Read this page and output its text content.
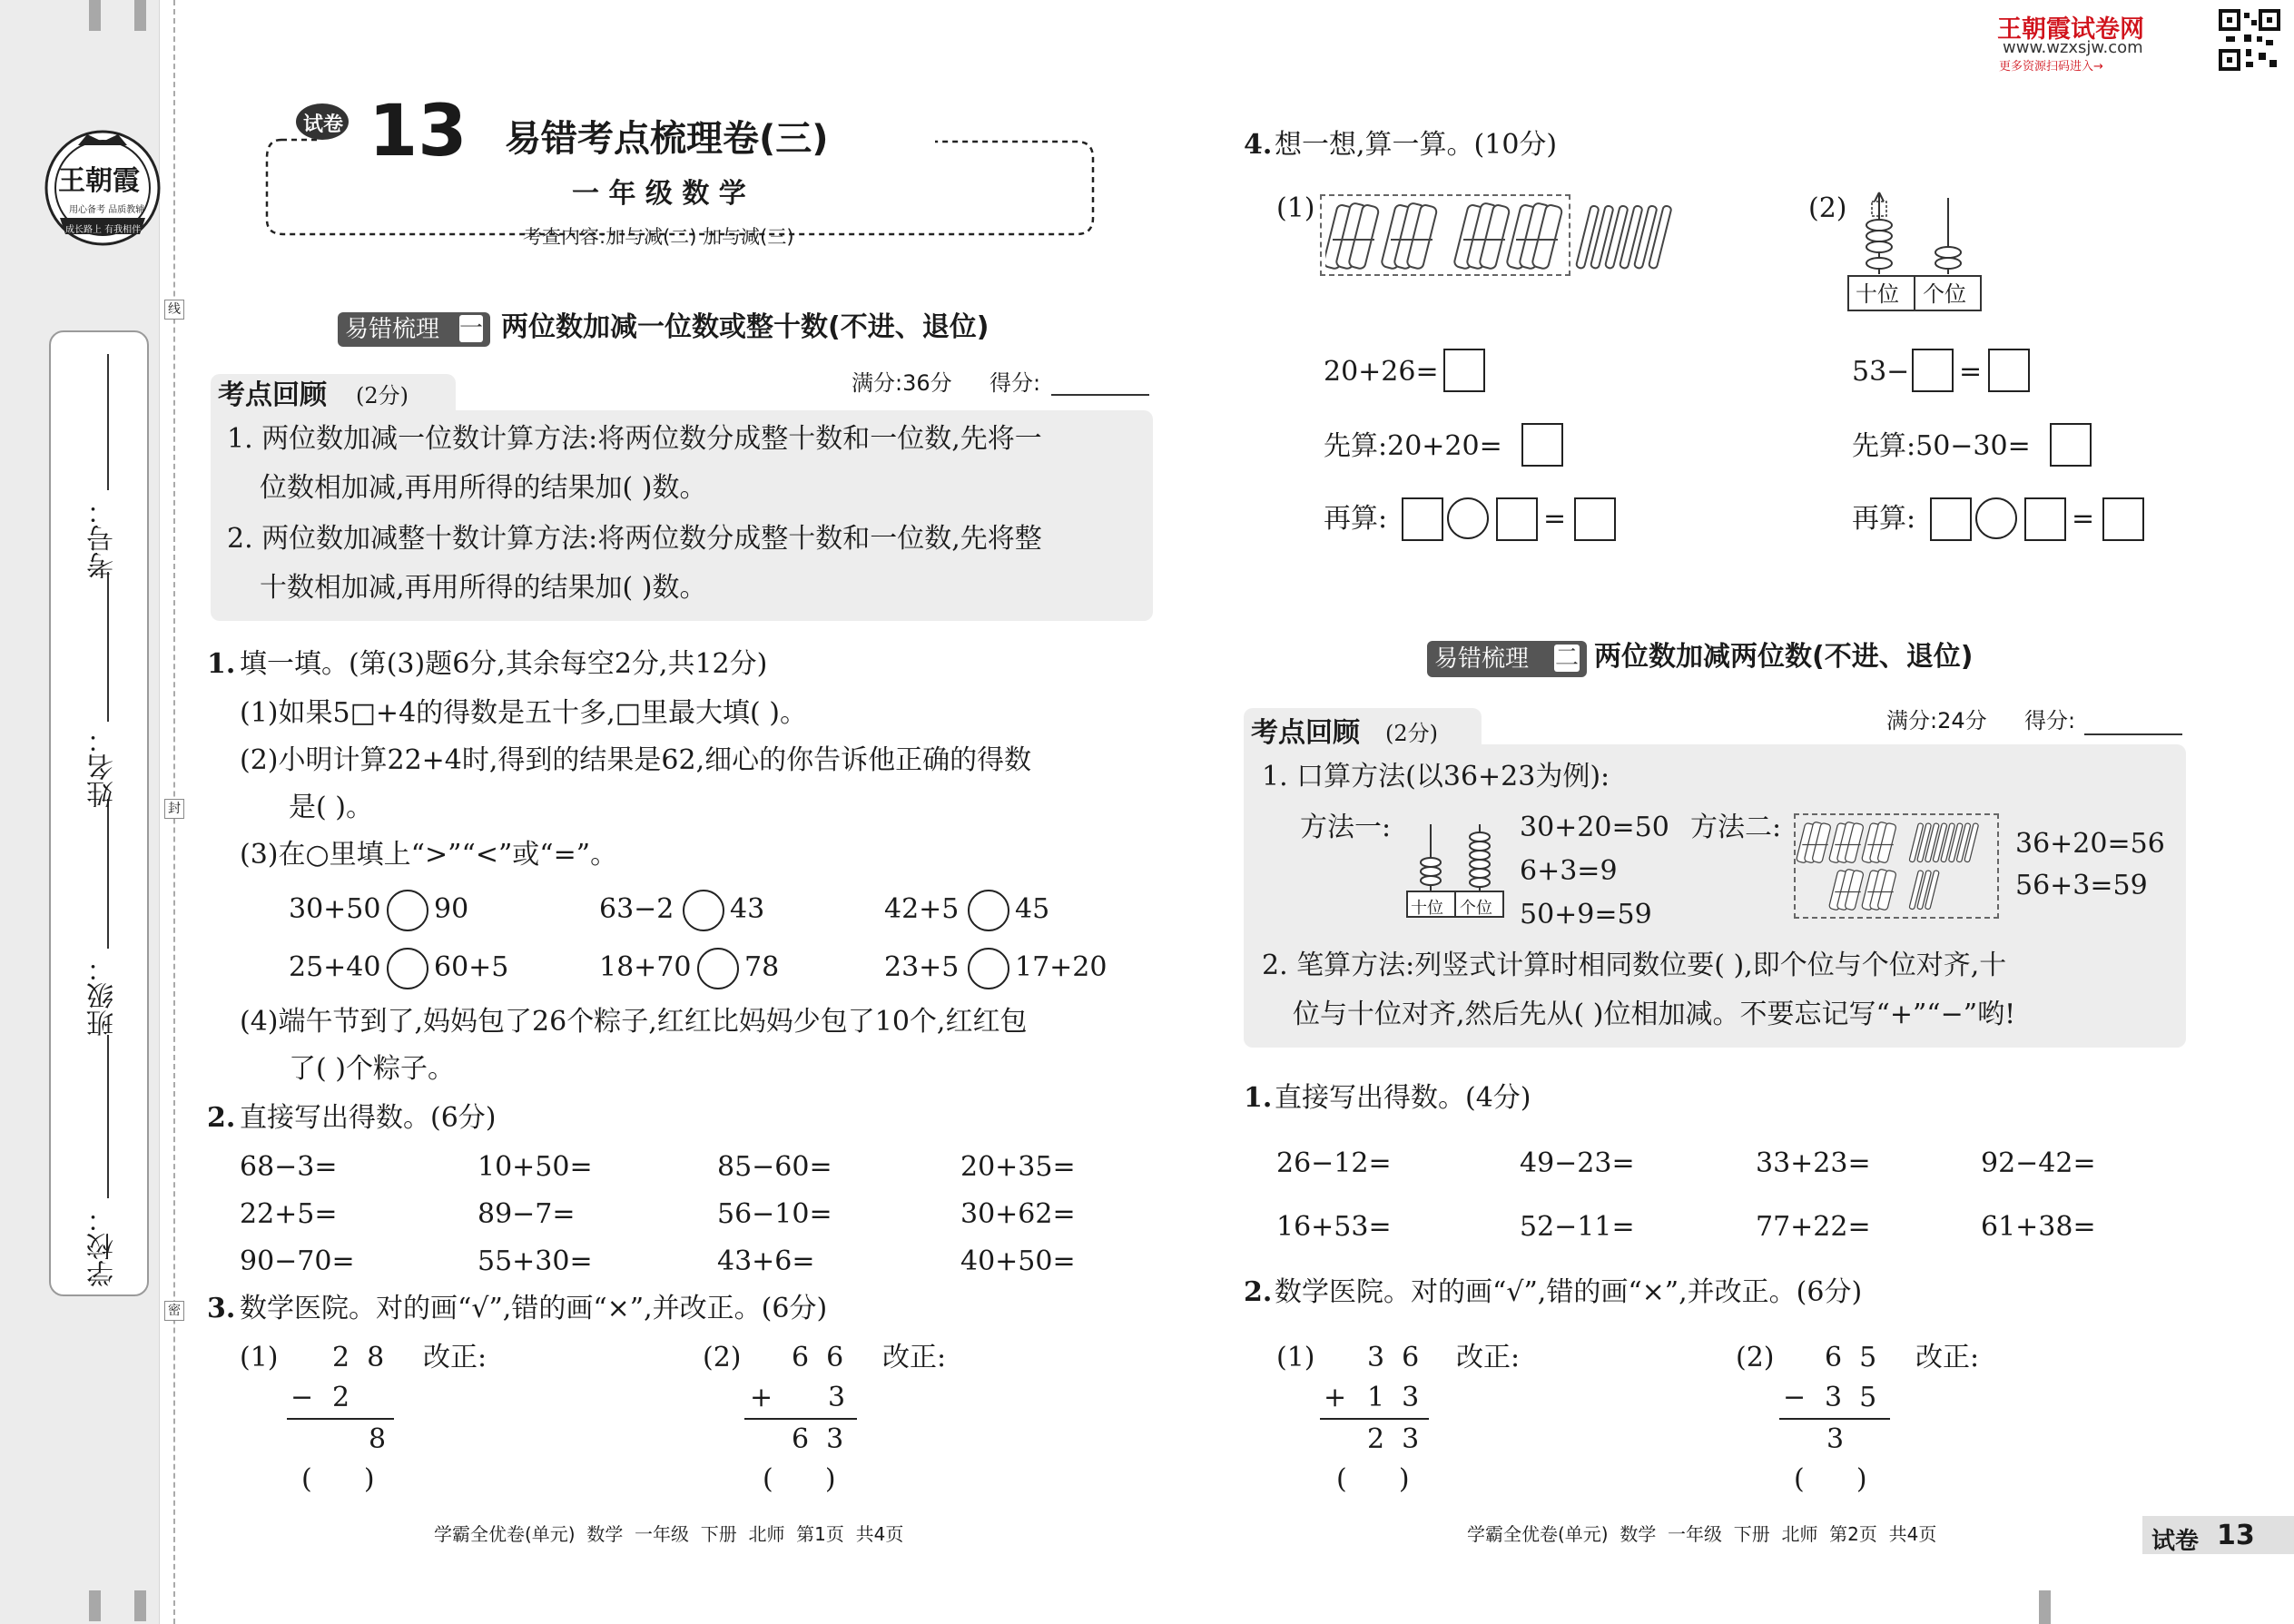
学校：
班级：
姓名：
考号：
线
封
密
王朝霞
用心备考 品质教辅
成长路上 有我相伴
王朝霞试卷网
www.wzxsjw.com
更多资源扫码进入→
试卷 13 易错考点梳理卷(三)
一 年 级 数 学
考查内容:加与减(二) 加与减(三)
易错梳理 一 两位数加减一位数或整十数(不进、退位)
考点回顾 (2分)	满分:36分 得分:
1. 两位数加减一位数计算方法:将两位数分成整十数和一位数,先将一
位数相加减,再用所得的结果加( )数。
2. 两位数加减整十数计算方法:将两位数分成整十数和一位数,先将整
十数相加减,再用所得的结果加( )数。
1. 填一填。(第(3)题6分,其余每空2分,共12分)
(1)如果5□+4的得数是五十多,□里最大填( )。
(2)小明计算22+4时,得到的结果是62,细心的你告诉他正确的得数
是( )。
(3)在○里填上“>”“<”或“=”。
30+50 90	63−2 43	42+5 45
25+40 60+5	18+70 78	23+5 17+20
(4)端午节到了,妈妈包了26个粽子,红红比妈妈少包了10个,红红包
了( )个粽子。
2. 直接写出得数。(6分)
68−3=	10+50=	85−60=	20+35=
22+5=	89−7=	56−10=	30+62=
90−70=	55+30=	43+6=	40+50=
3. 数学医院。对的画“√”,错的画“×”,并改正。(6分)
(1) 2  8 改正:
− 2
8
(      )
(2) 6  6 改正:
+ 3
6  3
(      )
学霸全优卷(单元)  数学  一年级  下册  北师  第1页  共4页
4. 想一想,算一算。(10分)
(1)
20+26=
先算:20+20=
再算:	=
(2)
十位 个位
53− =
先算:50−30=
再算:	=
易错梳理 二 两位数加减两位数(不进、退位)
考点回顾 (2分)	满分:24分 得分:
1. 口算方法(以36+23为例):
方法一:
十位 个位
30+20=50
6+3=9
50+9=59
方法二:
36+20=56
56+3=59
2. 笔算方法:列竖式计算时相同数位要( ),即个位与个位对齐,十
位与十位对齐,然后先从( )位相加减。不要忘记写“+”“−”哟!
1. 直接写出得数。(4分)
26−12=	49−23=	33+23=	92−42=
16+53=	52−11=	77+22=	61+38=
2. 数学医院。对的画“√”,错的画“×”,并改正。(6分)
(1) 3  6 改正:
+ 1  3
2  3
(      )
(2) 6  5 改正:
− 3  5
3
(      )
学霸全优卷(单元)  数学  一年级  下册  北师  第2页  共4页	试卷 13
